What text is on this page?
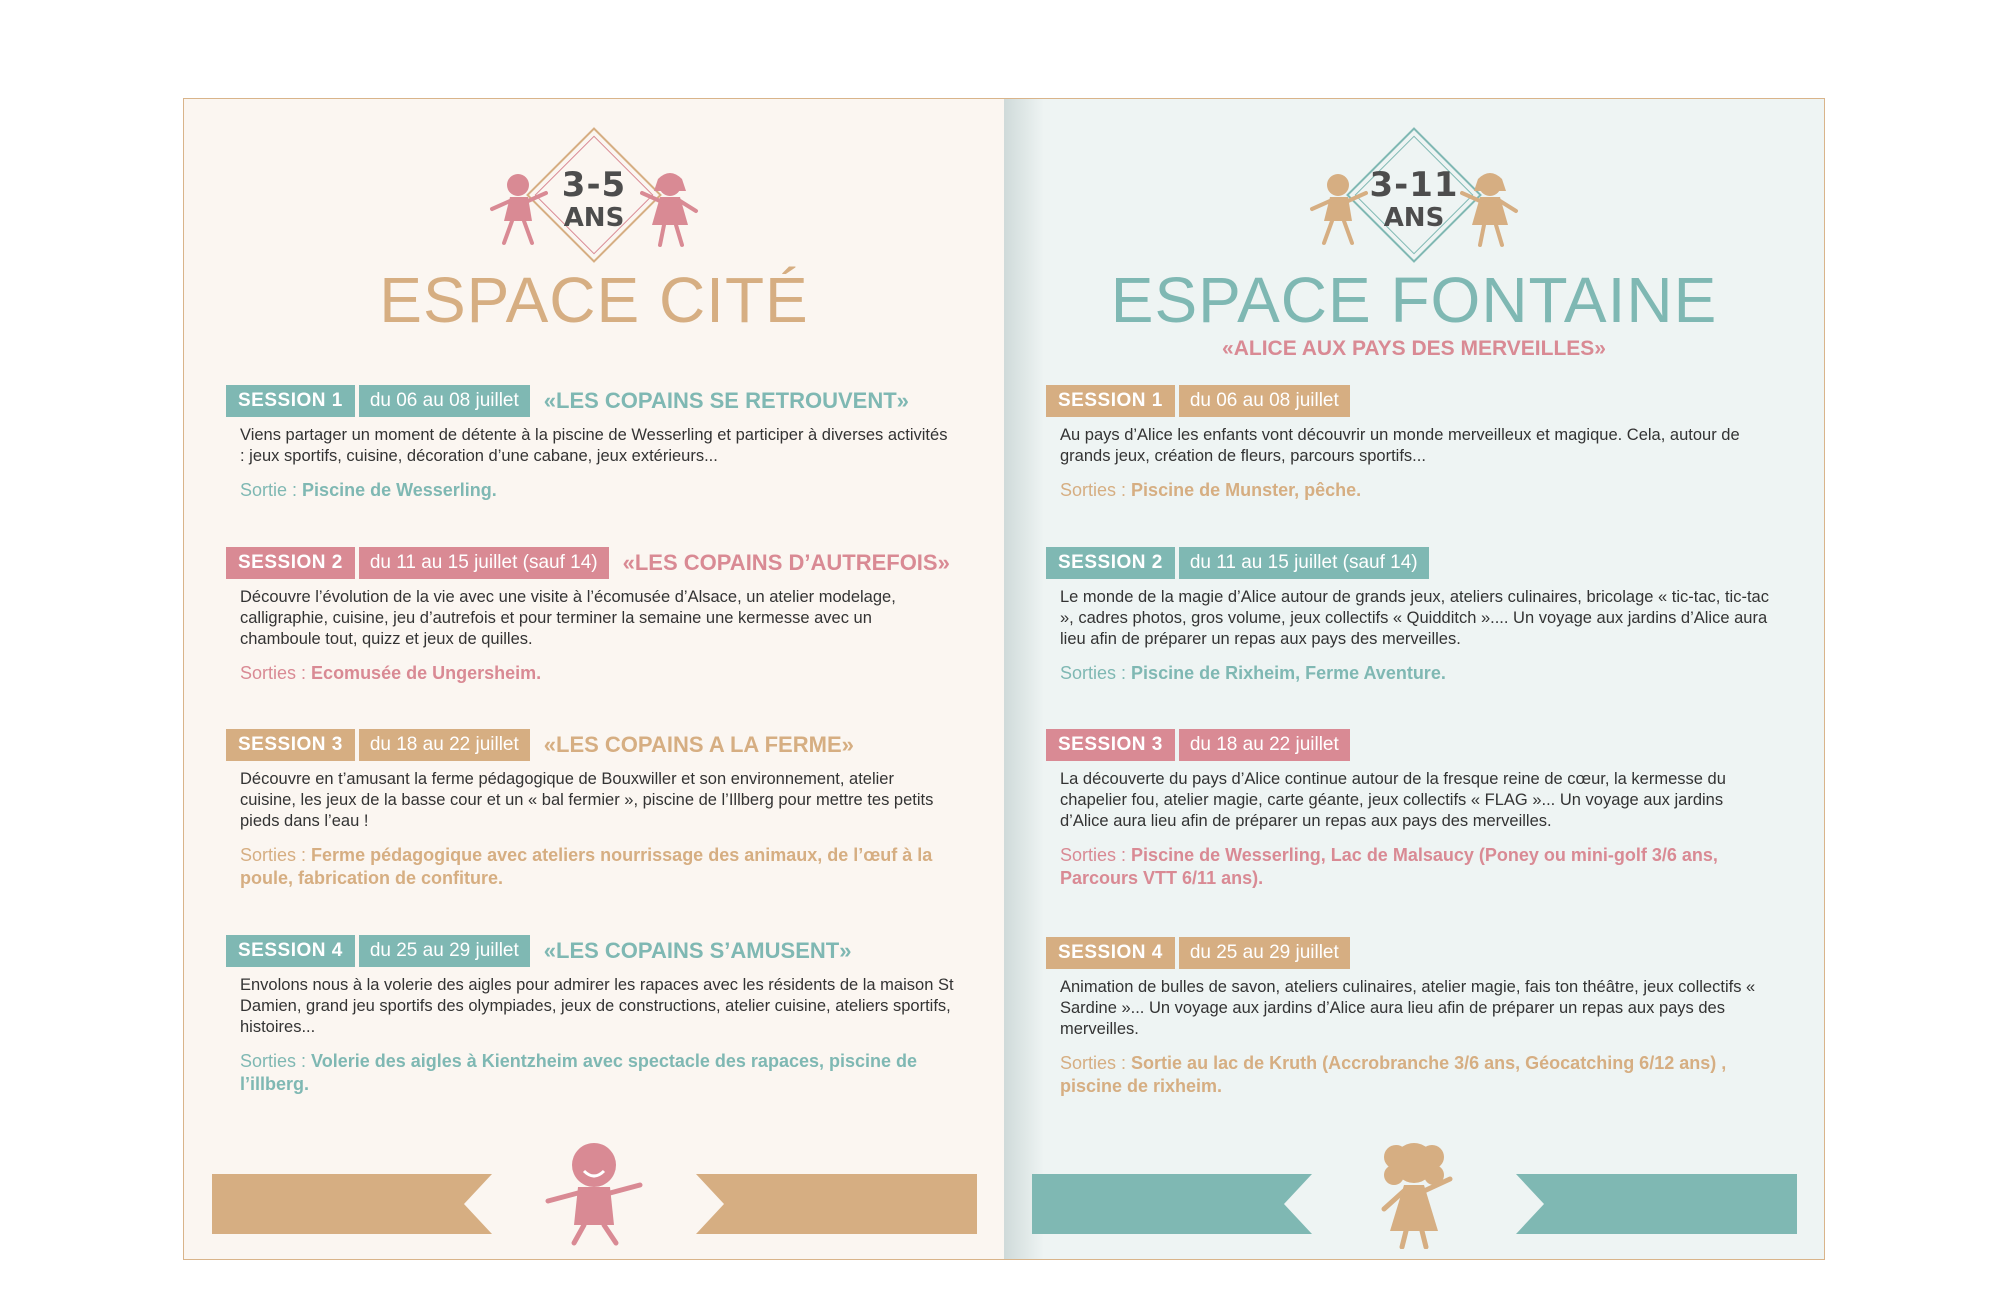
3-5
ANS
ESPACE CITÉ
SESSION 1	du 06 au 08 juillet	«LES COPAINS SE RETROUVENT»
Viens partager un moment de détente à la piscine de Wesserling et participer à diverses activités : jeux sportifs, cuisine, décoration d’une cabane, jeux extérieurs...
Sortie : Piscine de Wesserling.
SESSION 2	du 11 au 15 juillet (sauf 14)	«LES COPAINS D’AUTREFOIS»
Découvre l’évolution de la vie avec une visite à l’écomusée d’Alsace, un atelier modelage, calligraphie, cuisine, jeu d’autrefois et pour terminer la semaine une kermesse avec un chamboule tout, quizz et jeux de quilles.
Sorties : Ecomusée de Ungersheim.
SESSION 3	du 18 au 22 juillet	«LES COPAINS A LA FERME»
Découvre en t’amusant la ferme pédagogique de Bouxwiller et son environnement, atelier cuisine, les jeux de la basse cour et un « bal fermier », piscine de l’Illberg pour mettre tes petits pieds dans l’eau !
Sorties : Ferme pédagogique avec ateliers nourrissage des animaux, de l’œuf à la poule, fabrication de confiture.
SESSION 4	du 25 au 29 juillet	«LES COPAINS S’AMUSENT»
Envolons nous à la volerie des aigles pour admirer les rapaces avec les résidents de la maison St Damien, grand jeu sportifs des olympiades, jeux de constructions, atelier cuisine, ateliers sportifs, histoires...
Sorties : Volerie des aigles à Kientzheim avec spectacle des rapaces, piscine de l’illberg.
3-11
ANS
ESPACE FONTAINE
«ALICE AUX PAYS DES MERVEILLES»
SESSION 1	du 06 au 08 juillet
Au pays d’Alice les enfants vont découvrir un monde merveilleux et magique. Cela, autour de grands jeux, création de fleurs, parcours sportifs...
Sorties : Piscine de Munster, pêche.
SESSION 2	du 11 au 15 juillet (sauf 14)
Le monde de la magie d’Alice autour de grands jeux, ateliers culinaires, bricolage « tic-tac, tic-tac », cadres photos, gros volume, jeux collectifs « Quidditch ».... Un voyage aux jardins d’Alice aura lieu afin de préparer un repas aux pays des merveilles.
Sorties : Piscine de Rixheim, Ferme Aventure.
SESSION 3	du 18 au 22 juillet
La découverte du pays d’Alice continue autour de la fresque reine de cœur, la kermesse du chapelier fou, atelier magie, carte géante, jeux collectifs « FLAG »... Un voyage aux jardins d’Alice aura lieu afin de préparer un repas aux pays des merveilles.
Sorties : Piscine de Wesserling, Lac de Malsaucy (Poney ou mini-golf 3/6 ans, Parcours VTT 6/11 ans).
SESSION 4	du 25 au 29 juillet
Animation de bulles de savon, ateliers culinaires, atelier magie, fais ton théâtre, jeux collectifs « Sardine »... Un voyage aux jardins d’Alice aura lieu afin de préparer un repas aux pays des merveilles.
Sorties : Sortie au lac de Kruth (Accrobranche 3/6 ans, Géocatching 6/12 ans) , piscine de rixheim.
